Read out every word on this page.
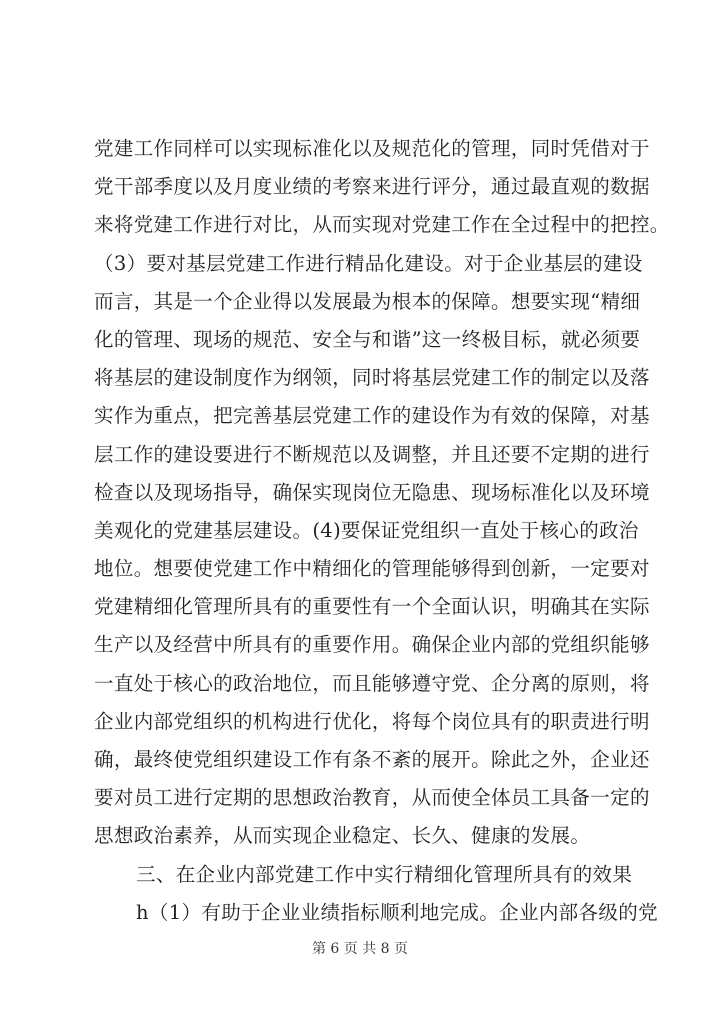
党建工作同样可以实现标准化以及规范化的管理，同时凭借对于
党干部季度以及月度业绩的考察来进行评分，通过最直观的数据
来将党建工作进行对比，从而实现对党建工作在全过程中的把控。
（3）要对基层党建工作进行精品化建设。对于企业基层的建设
而言，其是一个企业得以发展最为根本的保障。想要实现“精细
化的管理、现场的规范、安全与和谐”这一终极目标，就必须要
将基层的建设制度作为纲领，同时将基层党建工作的制定以及落
实作为重点，把完善基层党建工作的建设作为有效的保障，对基
层工作的建设要进行不断规范以及调整，并且还要不定期的进行
检查以及现场指导，确保实现岗位无隐患、现场标准化以及环境
美观化的党建基层建设。(4)要保证党组织一直处于核心的政治
地位。想要使党建工作中精细化的管理能够得到创新，一定要对
党建精细化管理所具有的重要性有一个全面认识，明确其在实际
生产以及经营中所具有的重要作用。确保企业内部的党组织能够
一直处于核心的政治地位，而且能够遵守党、企分离的原则，将
企业内部党组织的机构进行优化，将每个岗位具有的职责进行明
确，最终使党组织建设工作有条不紊的展开。除此之外，企业还
要对员工进行定期的思想政治教育，从而使全体员工具备一定的
思想政治素养，从而实现企业稳定、长久、健康的发展。
三、在企业内部党建工作中实行精细化管理所具有的效果
h（1）有助于企业业绩指标顺利地完成。企业内部各级的党
第 6 页 共 8 页
